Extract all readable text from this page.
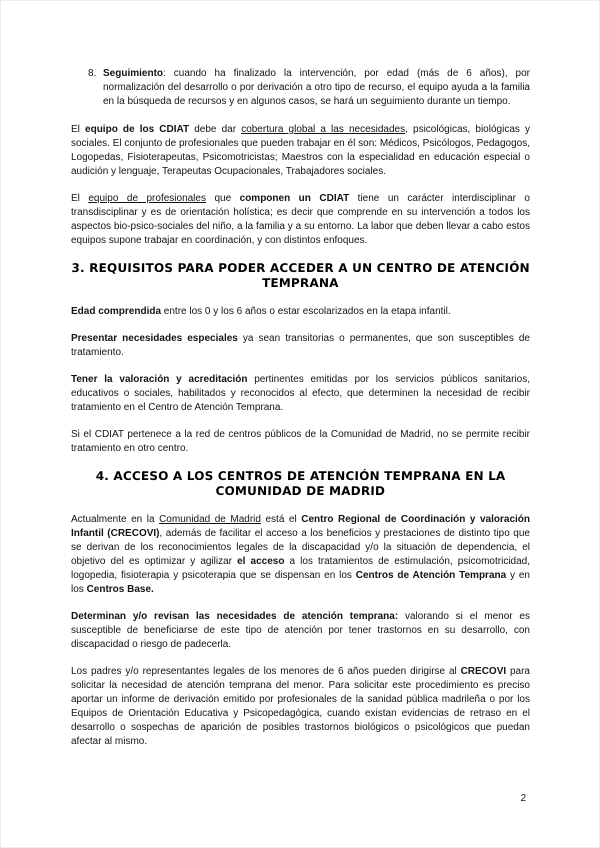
8. Seguimiento: cuando ha finalizado la intervención, por edad (más de 6 años), por normalización del desarrollo o por derivación a otro tipo de recurso, el equipo ayuda a la familia en la búsqueda de recursos y en algunos casos, se hará un seguimiento durante un tiempo.

El equipo de los CDIAT debe dar cobertura global a las necesidades, psicológicas, biológicas y sociales. El conjunto de profesionales que pueden trabajar en él son: Médicos, Psicólogos, Pedagogos, Logopedas, Fisioterapeutas, Psicomotricistas; Maestros con la especialidad en educación especial o audición y lenguaje, Terapeutas Ocupacionales, Trabajadores sociales.

El equipo de profesionales que componen un CDIAT tiene un carácter interdisciplinar o transdisciplinar y es de orientación holística; es decir que comprende en su intervención a todos los aspectos bio-psico-sociales del niño, a la familia y a su entorno. La labor que deben llevar a cabo estos equipos supone trabajar en coordinación, y con distintos enfoques.

3. REQUISITOS PARA PODER ACCEDER A UN CENTRO DE ATENCIÓN TEMPRANA

Edad comprendida entre los 0 y los 6 años o estar escolarizados en la etapa infantil.

Presentar necesidades especiales ya sean transitorias o permanentes, que son susceptibles de tratamiento.

Tener la valoración y acreditación pertinentes emitidas por los servicios públicos sanitarios, educativos o sociales, habilitados y reconocidos al efecto, que determinen la necesidad de recibir tratamiento en el Centro de Atención Temprana.

Si el CDIAT pertenece a la red de centros públicos de la Comunidad de Madrid, no se permite recibir tratamiento en otro centro.

4. ACCESO A LOS CENTROS DE ATENCIÓN TEMPRANA EN LA COMUNIDAD DE MADRID

Actualmente en la Comunidad de Madrid está el Centro Regional de Coordinación y valoración Infantil (CRECOVI), además de facilitar el acceso a los beneficios y prestaciones de distinto tipo que se derivan de los reconocimientos legales de la discapacidad y/o la situación de dependencia, el objetivo del es optimizar y agilizar el acceso a los tratamientos de estimulación, psicomotricidad, logopedia, fisioterapia y psicoterapia que se dispensan en los Centros de Atención Temprana y en los Centros Base.

Determinan y/o revisan las necesidades de atención temprana: valorando si el menor es susceptible de beneficiarse de este tipo de atención por tener trastornos en su desarrollo, con discapacidad o riesgo de padecerla.

Los padres y/o representantes legales de los menores de 6 años pueden dirigirse al CRECOVI para solicitar la necesidad de atención temprana del menor. Para solicitar este procedimiento es preciso aportar un informe de derivación emitido por profesionales de la sanidad pública madrileña o por los Equipos de Orientación Educativa y Psicopedagógica, cuando existan evidencias de retraso en el desarrollo o sospechas de aparición de posibles trastornos biológicos o psicológicos que puedan afectar al mismo.

2
